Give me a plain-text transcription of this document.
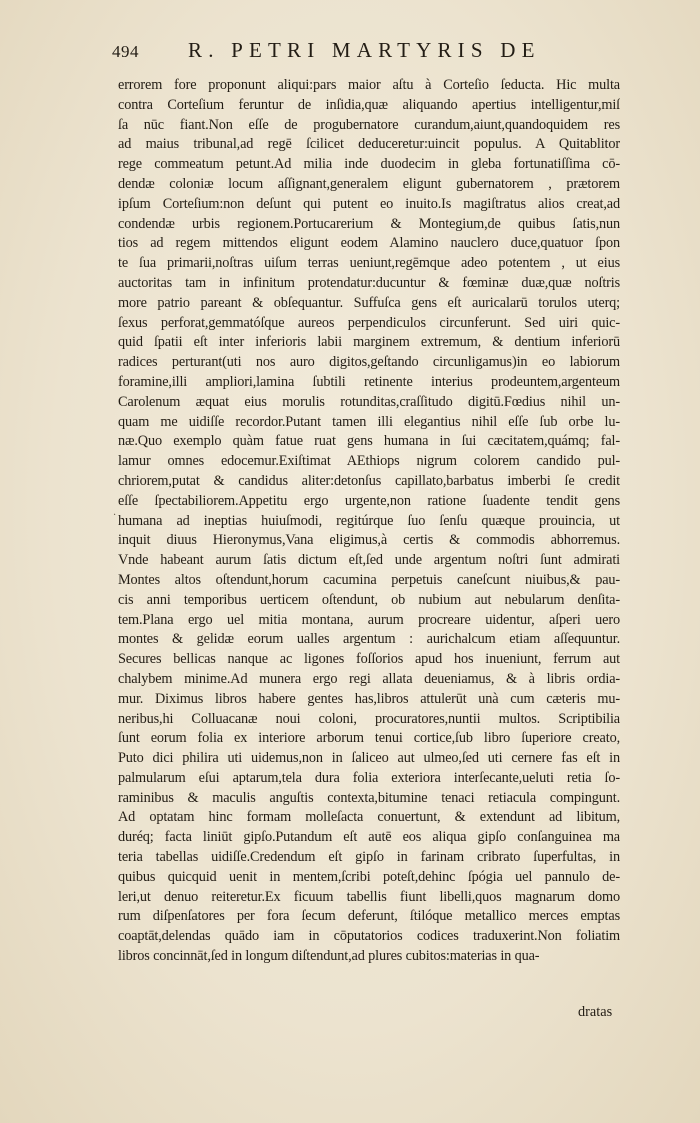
494 R. PETRI MARTYRIS DE
·
errorem fore proponunt aliqui:pars maior aſtu à Corteſio ſeducta. Hic multa
contra Corteſium feruntur de inſidia,quæ aliquando apertius intelligentur,miſ
ſa nūc fiant.Non eſſe de progubernatore curandum,aiunt,quandoquidem res
ad maius tribunal,ad regē ſcilicet deduceretur:uincit populus. A Quitablitor
rege commeatum petunt.Ad milia inde duodecim in gleba fortunatiſſima cō-
dendæ coloniæ locum aſſignant,generalem eligunt gubernatorem , prætorem
ipſum Corteſium:non deſunt qui putent eo inuito.Is magiſtratus alios creat,ad
condendæ urbis regionem.Portucarerium & Montegium,de quibus ſatis,nun
tios ad regem mittendos eligunt eodem Alamino nauclero duce,quatuor ſpon
te ſua primarii,noſtras uiſum terras ueniunt,regēmque adeo potentem , ut eius
auctoritas tam in infinitum protendatur:ducuntur & fœminæ duæ,quæ noſtris
more patrio pareant & obſequantur. Suffuſca gens eſt auricalarū torulos uterq;
ſexus perforat,gemmatóſque aureos perpendiculos circunferunt. Sed uiri quic-
quid ſpatii eſt inter inferioris labii marginem extremum, & dentium inferiorū
radices perturant(uti nos auro digitos,geſtando circunligamus)in eo labiorum
foramine,illi ampliori,lamina ſubtili retinente interius prodeuntem,argenteum
Carolenum æquat eius morulis rotunditas,craſſitudo digitū.Fœdius nihil un-
quam me uidiſſe recordor.Putant tamen illi elegantius nihil eſſe ſub orbe lu-
næ.Quo exemplo quàm fatue ruat gens humana in ſui cæcitatem,quámq; fal-
lamur omnes edocemur.Exiſtimat AEthiops nigrum colorem candido pul-
chriorem,putat & candidus aliter:detonſus capillato,barbatus imberbi ſe credit
eſſe ſpectabiliorem.Appetitu ergo urgente,non ratione ſuadente tendit gens
humana ad ineptias huiuſmodi, regitúrque ſuo ſenſu quæque prouincia, ut
inquit diuus Hieronymus,Vana eligimus,à certis & commodis abhorremus.
Vnde habeant aurum ſatis dictum eſt,ſed unde argentum noſtri ſunt admirati
Montes altos oſtendunt,horum cacumina perpetuis caneſcunt niuibus,& pau-
cis anni temporibus uerticem oſtendunt, ob nubium aut nebularum denſita-
tem.Plana ergo uel mitia montana, aurum procreare uidentur, aſperi uero
montes & gelidæ eorum ualles argentum : aurichalcum etiam aſſequuntur.
Secures bellicas nanque ac ligones foſſorios apud hos inueniunt, ferrum aut
chalybem minime.Ad munera ergo regi allata deueniamus, & à libris ordia-
mur. Diximus libros habere gentes has,libros attulerūt unà cum cæteris mu-
neribus,hi Colluacanæ noui coloni, procuratores,nuntii multos. Scriptibilia
ſunt eorum folia ex interiore arborum tenui cortice,ſub libro ſuperiore creato,
Puto dici philira uti uidemus,non in ſaliceo aut ulmeo,ſed uti cernere fas eſt in
palmularum eſui aptarum,tela dura folia exteriora interſecante,ueluti retia ſo-
raminibus & maculis anguſtis contexta,bitumine tenaci retiacula compingunt.
Ad optatam hinc formam molleſacta conuertunt, & extendunt ad libitum,
duréq; facta liniūt gipſo.Putandum eſt autē eos aliqua gipſo conſanguinea ma
teria tabellas uidiſſe.Credendum eſt gipſo in farinam cribrato ſuperfultas, in
quibus quicquid uenit in mentem,ſcribi poteſt,dehinc ſpógia uel pannulo de-
leri,ut denuo reiteretur.Ex ficuum tabellis fiunt libelli,quos magnarum domo
rum diſpenſatores per fora ſecum deferunt, ſtilóque metallico merces emptas
coaptāt,delendas quādo iam in cōputatorios codices traduxerint.Non foliatim
libros concinnāt,ſed in longum diſtendunt,ad plures cubitos:materias in qua-
dratas
